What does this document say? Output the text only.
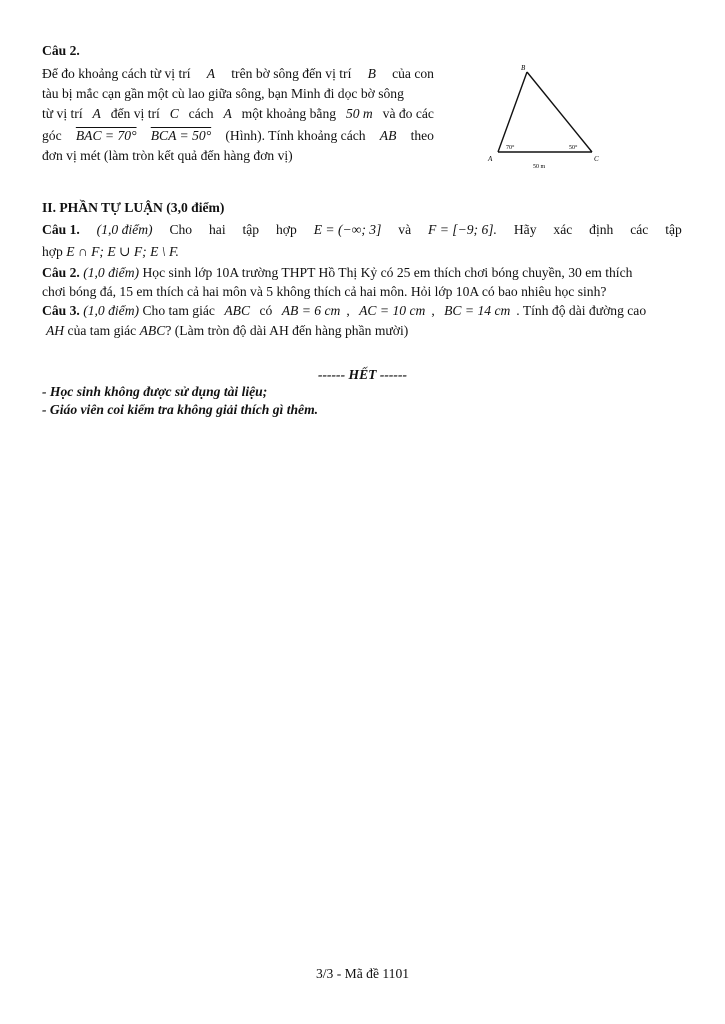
Câu 2.
Để đo khoảng cách từ vị trí A trên bờ sông đến vị trí B của con
tàu bị mắc cạn gần một cù lao giữa sông, bạn Minh đi dọc bờ sông
từ vị trí A đến vị trí C cách A một khoảng bằng 50 m và đo các
góc BAC = 70° BCA = 50° (Hình). Tính khoảng cách AB theo
đơn vị mét (làm tròn kết quả đến hàng đơn vị)
B
A	C
70°	50°
50 m
II. PHẦN TỰ LUẬN (3,0 điểm)
Câu 1. (1,0 điểm) Cho hai tập hợp E = (−∞; 3] và F = [−9; 6]. Hãy xác định các tập
hợp E ∩ F; E ∪ F; E \ F.
Câu 2. (1,0 điểm) Học sinh lớp 10A trường THPT Hồ Thị Kỷ có 25 em thích chơi bóng chuyền, 30 em thích
chơi bóng đá, 15 em thích cả hai môn và 5 không thích cả hai môn. Hỏi lớp 10A có bao nhiêu học sinh?
Câu 3. (1,0 điểm) Cho tam giác ABC có AB = 6 cm , AC = 10 cm , BC = 14 cm . Tính độ dài đường cao
AH của tam giác ABC? (Làm tròn độ dài AH đến hàng phần mười)
------ HẾT ------
- Học sinh không được sử dụng tài liệu;
- Giáo viên coi kiểm tra không giải thích gì thêm.
3/3 - Mã đề 1101
